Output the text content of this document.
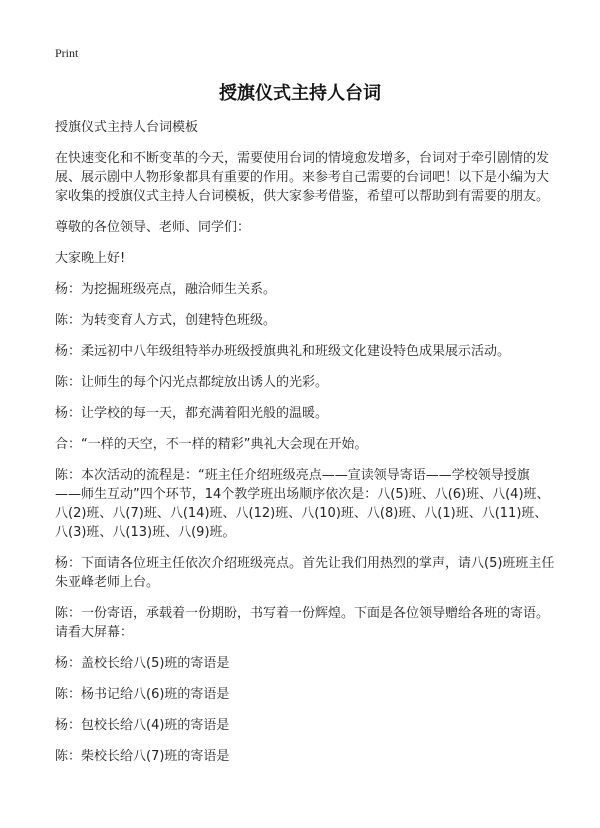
Print
授旗仪式主持人台词

授旗仪式主持人台词模板

在快速变化和不断变革的今天，需要使用台词的情境愈发增多，台词对于牵引剧情的发展、展示剧中人物形象都具有重要的作用。来参考自己需要的台词吧！以下是小编为大家收集的授旗仪式主持人台词模板，供大家参考借鉴，希望可以帮助到有需要的朋友。

尊敬的各位领导、老师、同学们：

大家晚上好!

杨：为挖掘班级亮点，融洽师生关系。

陈：为转变育人方式，创建特色班级。

杨：柔远初中八年级组特举办班级授旗典礼和班级文化建设特色成果展示活动。

陈：让师生的每个闪光点都绽放出诱人的光彩。

杨：让学校的每一天，都充满着阳光般的温暖。

合：“一样的天空，不一样的精彩”典礼大会现在开始。

陈：本次活动的流程是：“班主任介绍班级亮点——宣读领导寄语——学校领导授旗——师生互动”四个环节，14个教学班出场顺序依次是：八(5)班、八(6)班、八(4)班、八(2)班、八(7)班、八(14)班、八(12)班、八(10)班、八(8)班、八(1)班、八(11)班、八(3)班、八(13)班、八(9)班。

杨：下面请各位班主任依次介绍班级亮点。首先让我们用热烈的掌声，请八(5)班班主任朱亚峰老师上台。

陈：一份寄语，承载着一份期盼，书写着一份辉煌。下面是各位领导赠给各班的寄语。请看大屏幕：

杨：盖校长给八(5)班的寄语是

陈：杨书记给八(6)班的寄语是

杨：包校长给八(4)班的寄语是

陈：柴校长给八(7)班的寄语是
